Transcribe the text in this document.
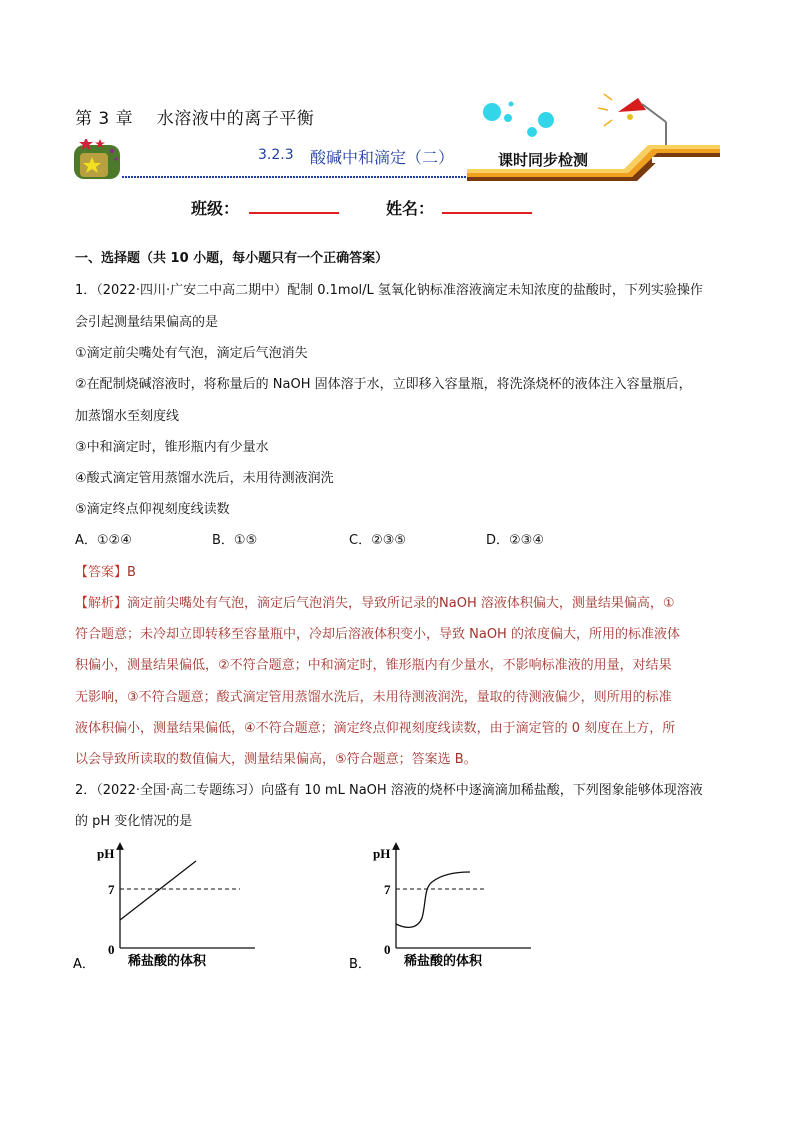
第 3 章    水溶液中的离子平衡
3.2.3 酸碱中和滴定（二）	课时同步检测
班级：	姓名：
一、选择题（共 10 小题，每小题只有一个正确答案）
1．（2022·四川·广安二中高二期中）配制 0.1mol/L 氢氧化钠标准溶液滴定未知浓度的盐酸时，下列实验操作
会引起测量结果偏高的是
①滴定前尖嘴处有气泡，滴定后气泡消失
②在配制烧碱溶液时，将称量后的 NaOH 固体溶于水，立即移入容量瓶，将洗涤烧杯的液体注入容量瓶后，
加蒸馏水至刻度线
③中和滴定时，锥形瓶内有少量水
④酸式滴定管用蒸馏水洗后，未用待测液润洗
⑤滴定终点仰视刻度线读数
A．①②④	B．①⑤	C．②③⑤	D．②③④
【答案】B
【解析】滴定前尖嘴处有气泡，滴定后气泡消失，导致所记录的NaOH 溶液体积偏大，测量结果偏高，①
符合题意；未冷却立即转移至容量瓶中，冷却后溶液体积变小，导致 NaOH 的浓度偏大，所用的标准液体
积偏小，测量结果偏低，②不符合题意；中和滴定时，锥形瓶内有少量水，不影响标准液的用量，对结果
无影响，③不符合题意；酸式滴定管用蒸馏水洗后，未用待测液润洗，量取的待测液偏少，则所用的标准
液体积偏小，测量结果偏低，④不符合题意；滴定终点仰视刻度线读数，由于滴定管的 0 刻度在上方，所
以会导致所读取的数值偏大，测量结果偏高，⑤符合题意；答案选 B。
2．（2022·全国·高二专题练习）向盛有 10 mL NaOH 溶液的烧杯中逐滴滴加稀盐酸，下列图象能够体现溶液
的 pH 变化情况的是
pH
7
0
稀盐酸的体积
A．
pH
7
0
稀盐酸的体积
B．
